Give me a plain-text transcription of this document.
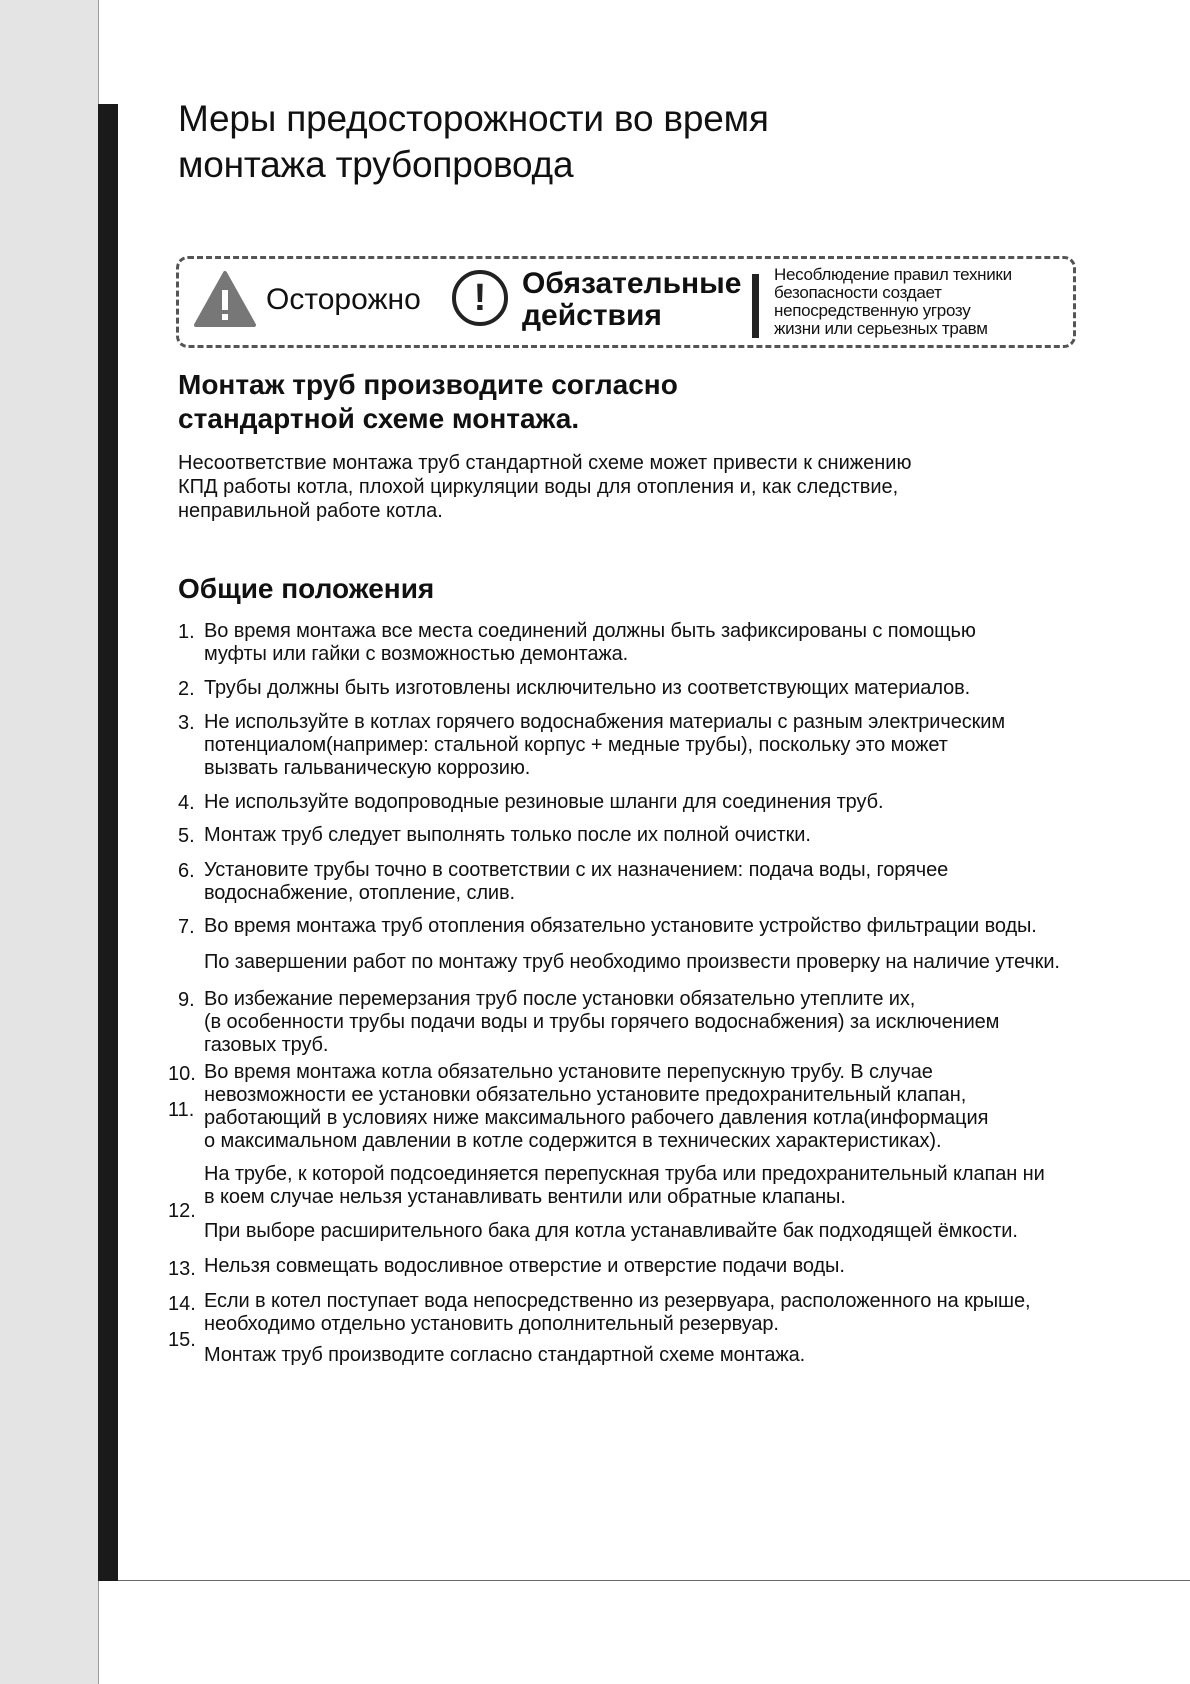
Меры предосторожности во время
монтажа трубопровода
Осторожно	!	Обязательные
действия
Несоблюдение правил техники
безопасности создает
непосредственную угрозу
жизни или серьезных травм
Монтаж труб производите согласно
стандартной схеме монтажа.

Несоответствие монтажа труб стандартной схеме может привести к снижению
КПД работы котла, плохой циркуляции воды для отопления и, как следствие,
неправильной работе котла.

Общие положения
1.
2.
3.
4.
5.
6.
7.
9.
10.
11.
12.
13.
14.
15.
Во время монтажа все места соединений должны быть зафиксированы с помощью
муфты или гайки с возможностью демонтажа.
Трубы должны быть изготовлены исключительно из соответствующих материалов.
Не используйте в котлах горячего водоснабжения материалы с разным электрическим
потенциалом(например: стальной корпус + медные трубы), поскольку это может
вызвать гальваническую коррозию.
Не используйте водопроводные резиновые шланги для соединения труб.
Монтаж труб следует выполнять только после их полной очистки.
Установите трубы точно в соответствии с их назначением: подача воды, горячее
водоснабжение, отопление, слив.
Во время монтажа труб отопления обязательно установите устройство фильтрации воды.
По завершении работ по монтажу труб необходимо произвести проверку на наличие утечки.
Во избежание перемерзания труб после установки обязательно утеплите их,
(в особенности трубы подачи воды и трубы горячего водоснабжения) за исключением
газовых труб.
Во время монтажа котла обязательно установите перепускную трубу. В случае
невозможности ее установки обязательно установите предохранительный клапан,
работающий в условиях ниже максимального рабочего давления котла(информация
о максимальном давлении в котле содержится в технических характеристиках).
На трубе, к которой подсоединяется перепускная труба или предохранительный клапан ни
в коем случае нельзя устанавливать вентили или обратные клапаны.
При выборе расширительного бака для котла устанавливайте бак подходящей ёмкости.
Нельзя совмещать водосливное отверстие и отверстие подачи воды.
Если в котел поступает вода непосредственно из резервуара, расположенного на крыше,
необходимо отдельно установить дополнительный резервуар.
Монтаж труб производите согласно стандартной схеме монтажа.
